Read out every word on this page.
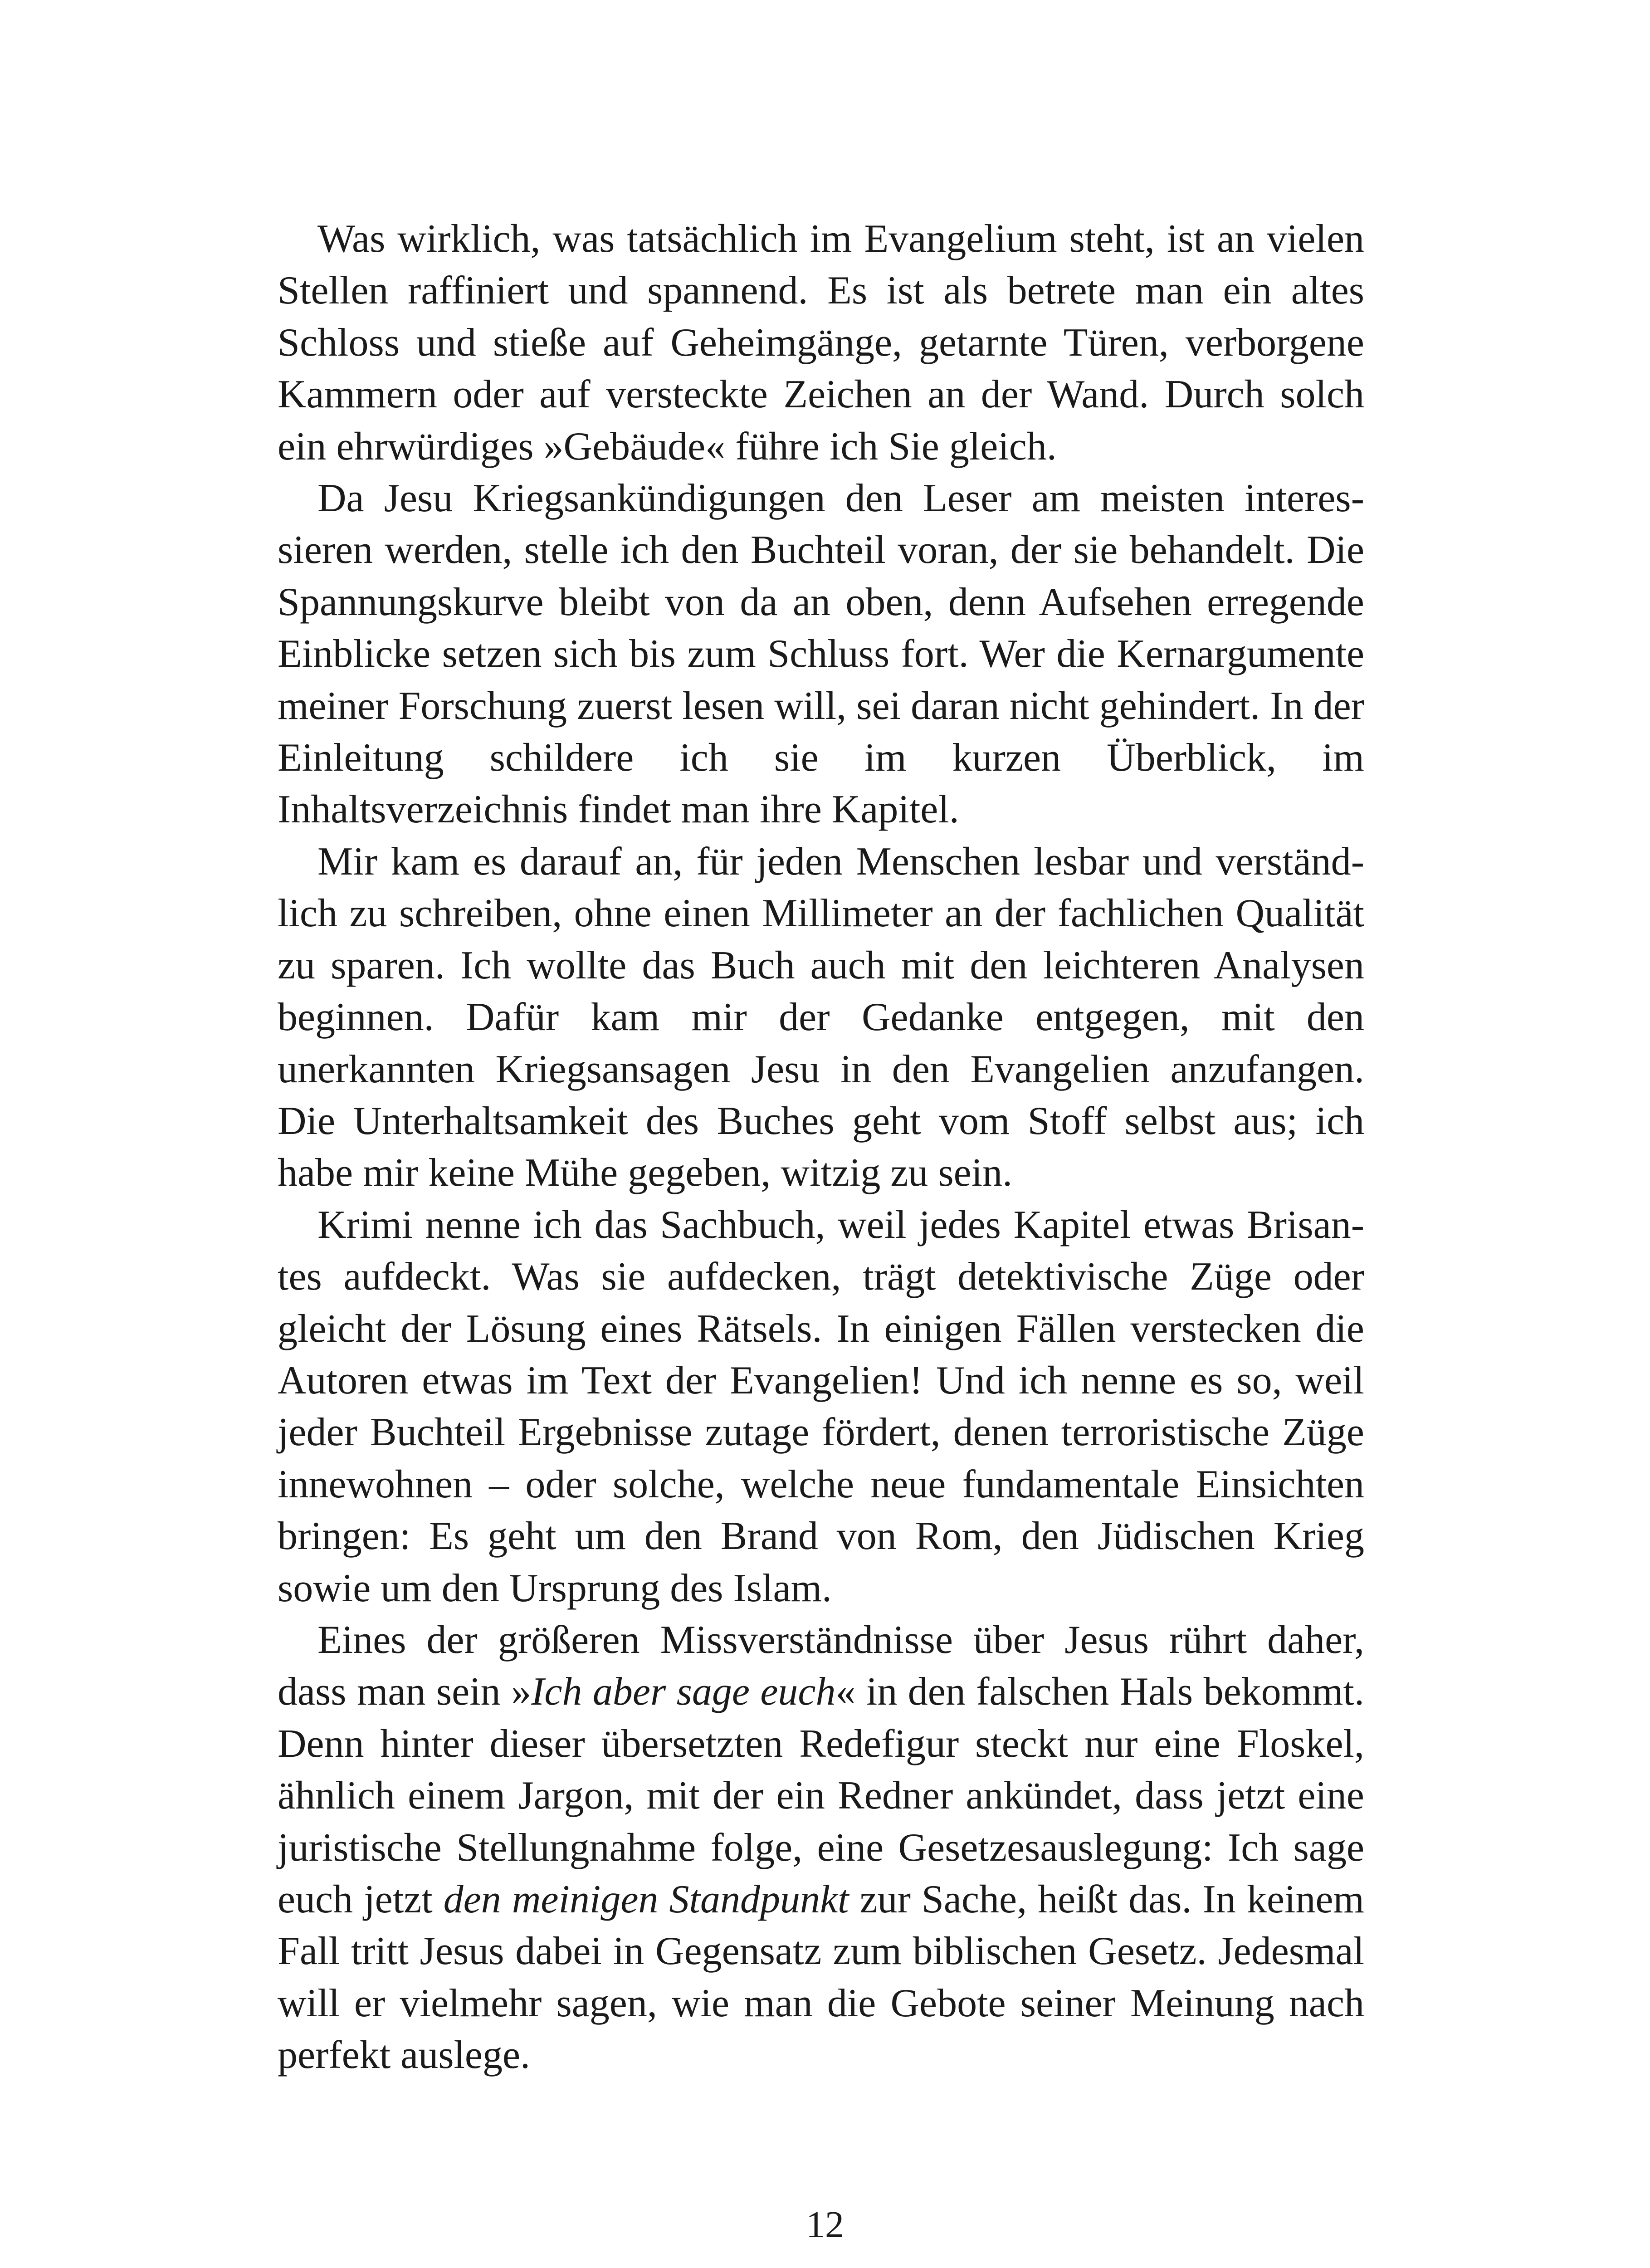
Was wirklich, was tatsächlich im Evangelium steht, ist an vielen Stellen raffiniert und spannend. Es ist als betrete man ein altes Schloss und stieße auf Geheimgänge, getarnte Türen, verborgene Kammern oder auf versteckte Zeichen an der Wand. Durch solch ein ehrwürdiges »Gebäude« führe ich Sie gleich.

Da Jesu Kriegsankündigungen den Leser am meisten interessieren werden, stelle ich den Buchteil voran, der sie behandelt. Die Spannungskurve bleibt von da an oben, denn Aufsehen erregende Einblicke setzen sich bis zum Schluss fort. Wer die Kernargumente meiner Forschung zuerst lesen will, sei daran nicht gehindert. In der Einleitung schildere ich sie im kurzen Überblick, im Inhaltsverzeichnis findet man ihre Kapitel.

Mir kam es darauf an, für jeden Menschen lesbar und verständlich zu schreiben, ohne einen Millimeter an der fachlichen Qualität zu sparen. Ich wollte das Buch auch mit den leichteren Analysen beginnen. Dafür kam mir der Gedanke entgegen, mit den unerkannten Kriegsansagen Jesu in den Evangelien anzufangen. Die Unterhaltsamkeit des Buches geht vom Stoff selbst aus; ich habe mir keine Mühe gegeben, witzig zu sein.

Krimi nenne ich das Sachbuch, weil jedes Kapitel etwas Brisantes aufdeckt. Was sie aufdecken, trägt detektivische Züge oder gleicht der Lösung eines Rätsels. In einigen Fällen verstecken die Autoren etwas im Text der Evangelien! Und ich nenne es so, weil jeder Buchteil Ergebnisse zutage fördert, denen terroristische Züge innewohnen – oder solche, welche neue fundamentale Einsichten bringen: Es geht um den Brand von Rom, den Jüdischen Krieg sowie um den Ursprung des Islam.

Eines der größeren Missverständnisse über Jesus rührt daher, dass man sein »Ich aber sage euch« in den falschen Hals bekommt. Denn hinter dieser übersetzten Redefigur steckt nur eine Floskel, ähnlich einem Jargon, mit der ein Redner ankündet, dass jetzt eine juristische Stellungnahme folge, eine Gesetzesauslegung: Ich sage euch jetzt den meinigen Standpunkt zur Sache, heißt das. In keinem Fall tritt Jesus dabei in Gegensatz zum biblischen Gesetz. Jedesmal will er vielmehr sagen, wie man die Gebote seiner Meinung nach perfekt auslege.

12
